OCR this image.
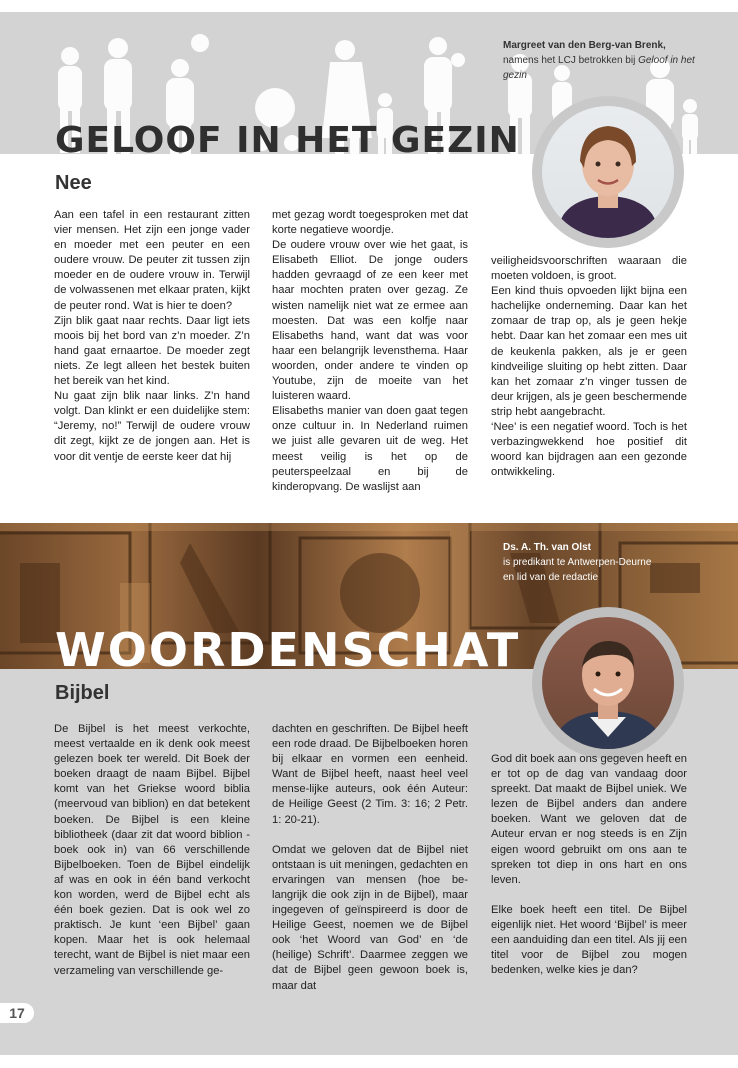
GELOOF IN HET GEZIN
Nee
Margreet van den Berg-van Brenk,
namens het LCJ betrokken bij Geloof in het gezin

Aan een tafel in een restaurant zitten vier mensen. Het zijn een jonge vader en moeder met een peuter en een oudere vrouw. De peuter zit tussen zijn moeder en de oudere vrouw in. Terwijl de volwassenen met elkaar praten, kijkt de peuter rond. Wat is hier te doen?

Zijn blik gaat naar rechts. Daar ligt iets moois bij het bord van z’n moeder. Z’n hand gaat ernaartoe. De moeder zegt niets. Ze legt alleen het bestek buiten het bereik van het kind.

Nu gaat zijn blik naar links. Z’n hand volgt. Dan klinkt er een duidelijke stem: “Jeremy, no!” Terwijl de oudere vrouw dit zegt, kijkt ze de jongen aan. Het is voor dit ventje de eerste keer dat hij

met gezag wordt toegesproken met dat korte negatieve woordje.

De oudere vrouw over wie het gaat, is Elisabeth Elliot. De jonge ouders hadden gevraagd of ze een keer met haar mochten praten over gezag. Ze wisten namelijk niet wat ze ermee aan moesten. Dat was een kolfje naar Elisabeths hand, want dat was voor haar een belangrijk levensthema. Haar woorden, onder andere te vinden op Youtube, zijn de moeite van het luisteren waard.

Elisabeths manier van doen gaat tegen onze cultuur in. In Nederland ruimen we juist alle gevaren uit de weg. Het meest veilig is het op de peuterspeelzaal en bij de kinderopvang. De waslijst aan

veiligheidsvoorschriften waaraan die moeten voldoen, is groot.

Een kind thuis opvoeden lijkt bijna een hachelijke onderneming. Daar kan het zomaar de trap op, als je geen hekje hebt. Daar kan het zomaar een mes uit de keukenla pakken, als je er geen kindveilige sluiting op hebt zitten. Daar kan het zomaar z’n vinger tussen de deur krijgen, als je geen beschermende strip hebt aangebracht.

‘Nee’ is een negatief woord. Toch is het verbazingwekkend hoe positief dit woord kan bijdragen aan een gezonde ontwikkeling.

WOORDENSCHAT
Bijbel
Ds. A. Th. van Olst
is predikant te Antwerpen-Deurne
en lid van de redactie

De Bijbel is het meest verkochte, meest vertaalde en ik denk ook meest gelezen boek ter wereld. Dit Boek der boeken draagt de naam Bijbel. Bijbel komt van het Griekse woord biblia (meervoud van biblion) en dat betekent boeken. De Bijbel is een kleine bibliotheek (daar zit dat woord biblion - boek ook in) van 66 verschillende Bijbelboeken. Toen de Bijbel eindelijk af was en ook in één band verkocht kon worden, werd de Bijbel echt als één boek gezien. Dat is ook wel zo praktisch. Je kunt ‘een Bijbel’ gaan kopen. Maar het is ook helemaal terecht, want de Bijbel is niet maar een verzameling van verschillende ge-

dachten en geschriften. De Bijbel heeft een rode draad. De Bijbelboeken horen bij elkaar en vormen een eenheid. Want de Bijbel heeft, naast heel veel mense-lijke auteurs, ook één Auteur: de Heilige Geest (2 Tim. 3: 16; 2 Petr. 1: 20-21).

Omdat we geloven dat de Bijbel niet ontstaan is uit meningen, gedachten en ervaringen van mensen (hoe be-langrijk die ook zijn in de Bijbel), maar ingegeven of geïnspireerd is door de Heilige Geest, noemen we de Bijbel ook ‘het Woord van God’ en ‘de (heilige) Schrift’. Daarmee zeggen we dat de Bijbel geen gewoon boek is, maar dat

God dit boek aan ons gegeven heeft en er tot op de dag van vandaag door spreekt. Dat maakt de Bijbel uniek. We lezen de Bijbel anders dan andere boeken. Want we geloven dat de Auteur ervan er nog steeds is en Zijn eigen woord gebruikt om ons aan te spreken tot diep in ons hart en ons leven.

Elke boek heeft een titel. De Bijbel eigenlijk niet. Het woord ‘Bijbel’ is meer een aanduiding dan een titel. Als jij een titel voor de Bijbel zou mogen bedenken, welke kies je dan?

17
